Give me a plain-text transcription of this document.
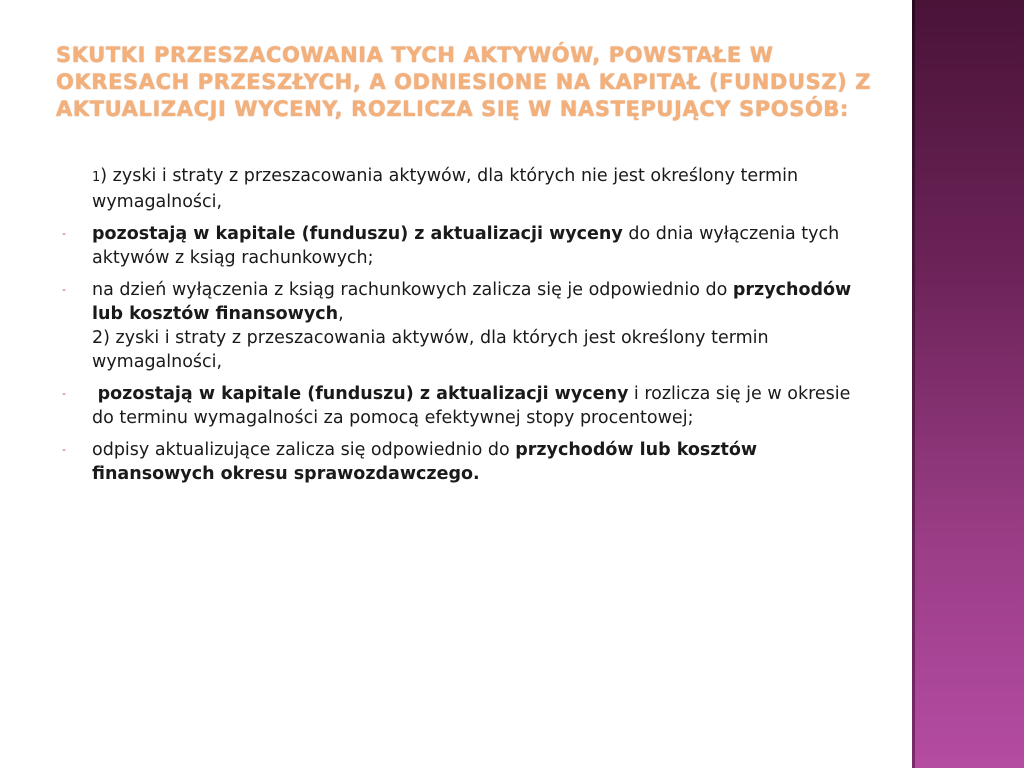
SKUTKI PRZESZACOWANIA TYCH AKTYWÓW, POWSTAŁE W OKRESACH PRZESZŁYCH, A ODNIESIONE NA KAPITAŁ (FUNDUSZ) Z AKTUALIZACJI WYCENY, ROZLICZA SIĘ W NASTĘPUJĄCY SPOSÓB:

1) zyski i straty z przeszacowania aktywów, dla których nie jest określony termin wymagalności,

- pozostają w kapitale (funduszu) z aktualizacji wyceny do dnia wyłączenia tych aktywów z ksiąg rachunkowych;

- na dzień wyłączenia z ksiąg rachunkowych zalicza się je odpowiednio do przychodów lub kosztów finansowych,
2) zyski i straty z przeszacowania aktywów, dla których jest określony termin wymagalności,

- pozostają w kapitale (funduszu) z aktualizacji wyceny i rozlicza się je w okresie do terminu wymagalności za pomocą efektywnej stopy procentowej;

- odpisy aktualizujące zalicza się odpowiednio do przychodów lub kosztów finansowych okresu sprawozdawczego.
